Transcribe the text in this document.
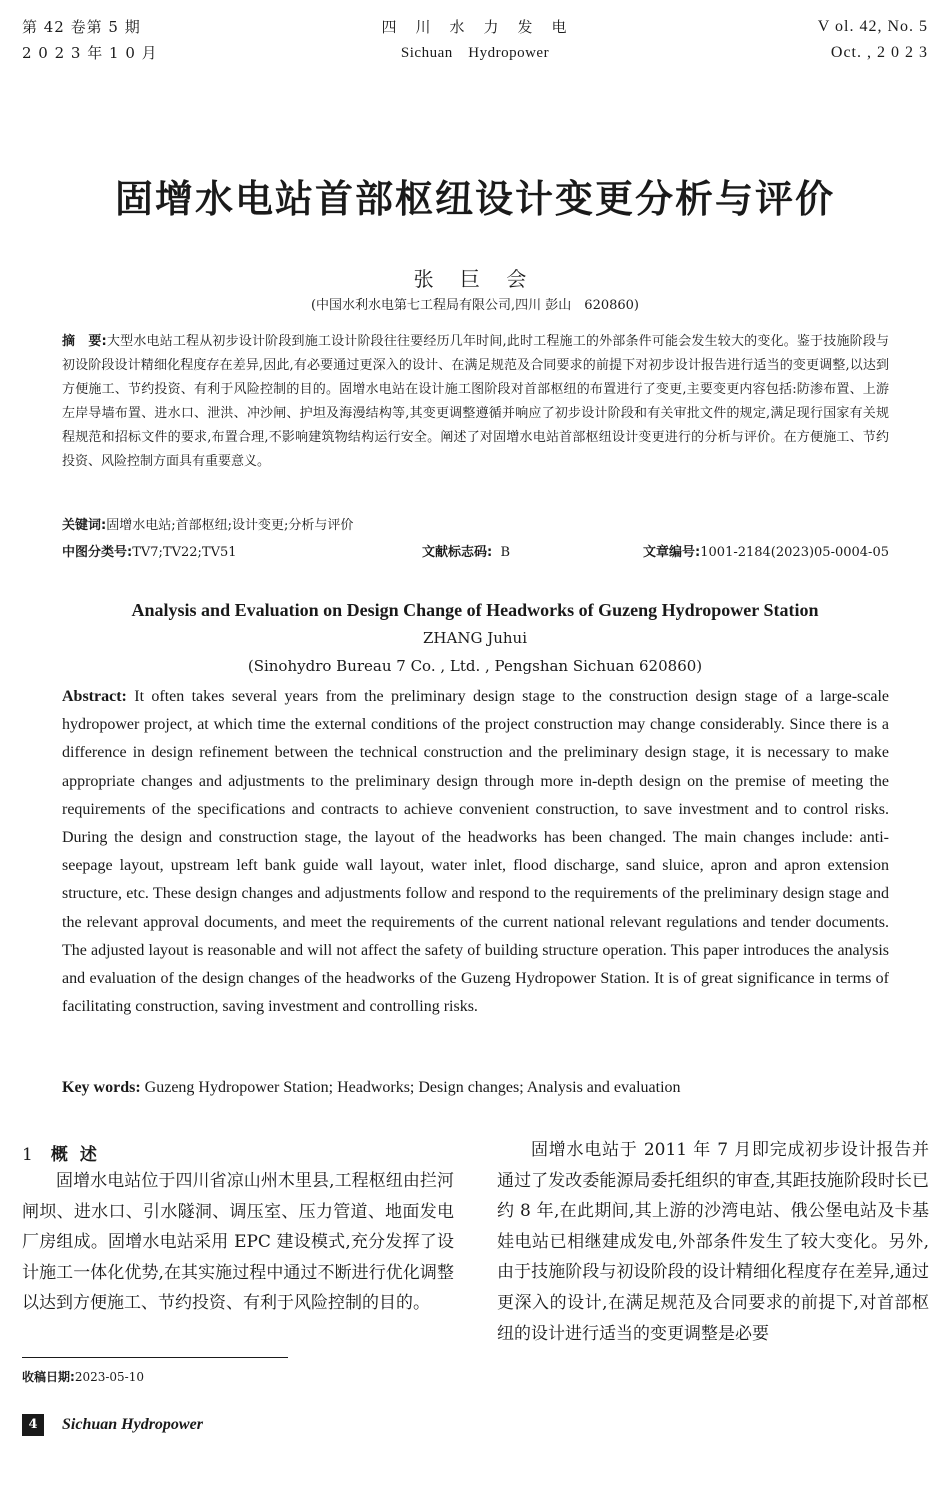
第 42 卷第 5 期
2 0 2 3 年 1 0 月
四　川　水　力　发　电
Sichuan　Hydropower
V ol. 42, No. 5
Oct. , 2 0 2 3
固增水电站首部枢纽设计变更分析与评价
张 巨 会
(中国水利水电第七工程局有限公司,四川 彭山　620860)
摘　要:大型水电站工程从初步设计阶段到施工设计阶段往往要经历几年时间,此时工程施工的外部条件可能会发生较大的变化。鉴于技施阶段与初设阶段设计精细化程度存在差异,因此,有必要通过更深入的设计、在满足规范及合同要求的前提下对初步设计报告进行适当的变更调整,以达到方便施工、节约投资、有利于风险控制的目的。固增水电站在设计施工图阶段对首部枢纽的布置进行了变更,主要变更内容包括:防渗布置、上游左岸导墙布置、进水口、泄洪、冲沙闸、护坦及海漫结构等,其变更调整遵循并响应了初步设计阶段和有关审批文件的规定,满足现行国家有关规程规范和招标文件的要求,布置合理,不影响建筑物结构运行安全。阐述了对固增水电站首部枢纽设计变更进行的分析与评价。在方便施工、节约投资、风险控制方面具有重要意义。
关键词:固增水电站;首部枢纽;设计变更;分析与评价
中图分类号:TV7;TV22;TV51	文献标志码: B	文章编号:1001-2184(2023)05-0004-05
Analysis and Evaluation on Design Change of Headworks of Guzeng Hydropower Station
ZHANG Juhui
(Sinohydro Bureau 7 Co. , Ltd. , Pengshan Sichuan 620860)
Abstract: It often takes several years from the preliminary design stage to the construction design stage of a large-scale hydropower project, at which time the external conditions of the project construction may change considerably. Since there is a difference in design refinement between the technical construction and the preliminary design stage, it is necessary to make appropriate changes and adjustments to the preliminary design through more in-depth design on the premise of meeting the requirements of the specifications and contracts to achieve convenient construction, to save investment and to control risks. During the design and construction stage, the layout of the headworks has been changed. The main changes include: anti-seepage layout, upstream left bank guide wall layout, water inlet, flood discharge, sand sluice, apron and apron extension structure, etc. These design changes and adjustments follow and respond to the requirements of the preliminary design stage and the relevant approval documents, and meet the requirements of the current national relevant regulations and tender documents. The adjusted layout is reasonable and will not affect the safety of building structure operation. This paper introduces the analysis and evaluation of the design changes of the headworks of the Guzeng Hydropower Station. It is of great significance in terms of facilitating construction, saving investment and controlling risks.
Key words: Guzeng Hydropower Station; Headworks; Design changes; Analysis and evaluation
1 概述
固增水电站位于四川省凉山州木里县,工程枢纽由拦河闸坝、进水口、引水隧洞、调压室、压力管道、地面发电厂房组成。固增水电站采用 EPC 建设模式,充分发挥了设计施工一体化优势,在其实施过程中通过不断进行优化调整以达到方便施工、节约投资、有利于风险控制的目的。
固增水电站于 2011 年 7 月即完成初步设计报告并通过了发改委能源局委托组织的审查,其距技施阶段时长已约 8 年,在此期间,其上游的沙湾电站、俄公堡电站及卡基娃电站已相继建成发电,外部条件发生了较大变化。另外,由于技施阶段与初设阶段的设计精细化程度存在差异,通过更深入的设计,在满足规范及合同要求的前提下,对首部枢纽的设计进行适当的变更调整是必要
收稿日期:2023-05-10
4	Sichuan Hydropower
